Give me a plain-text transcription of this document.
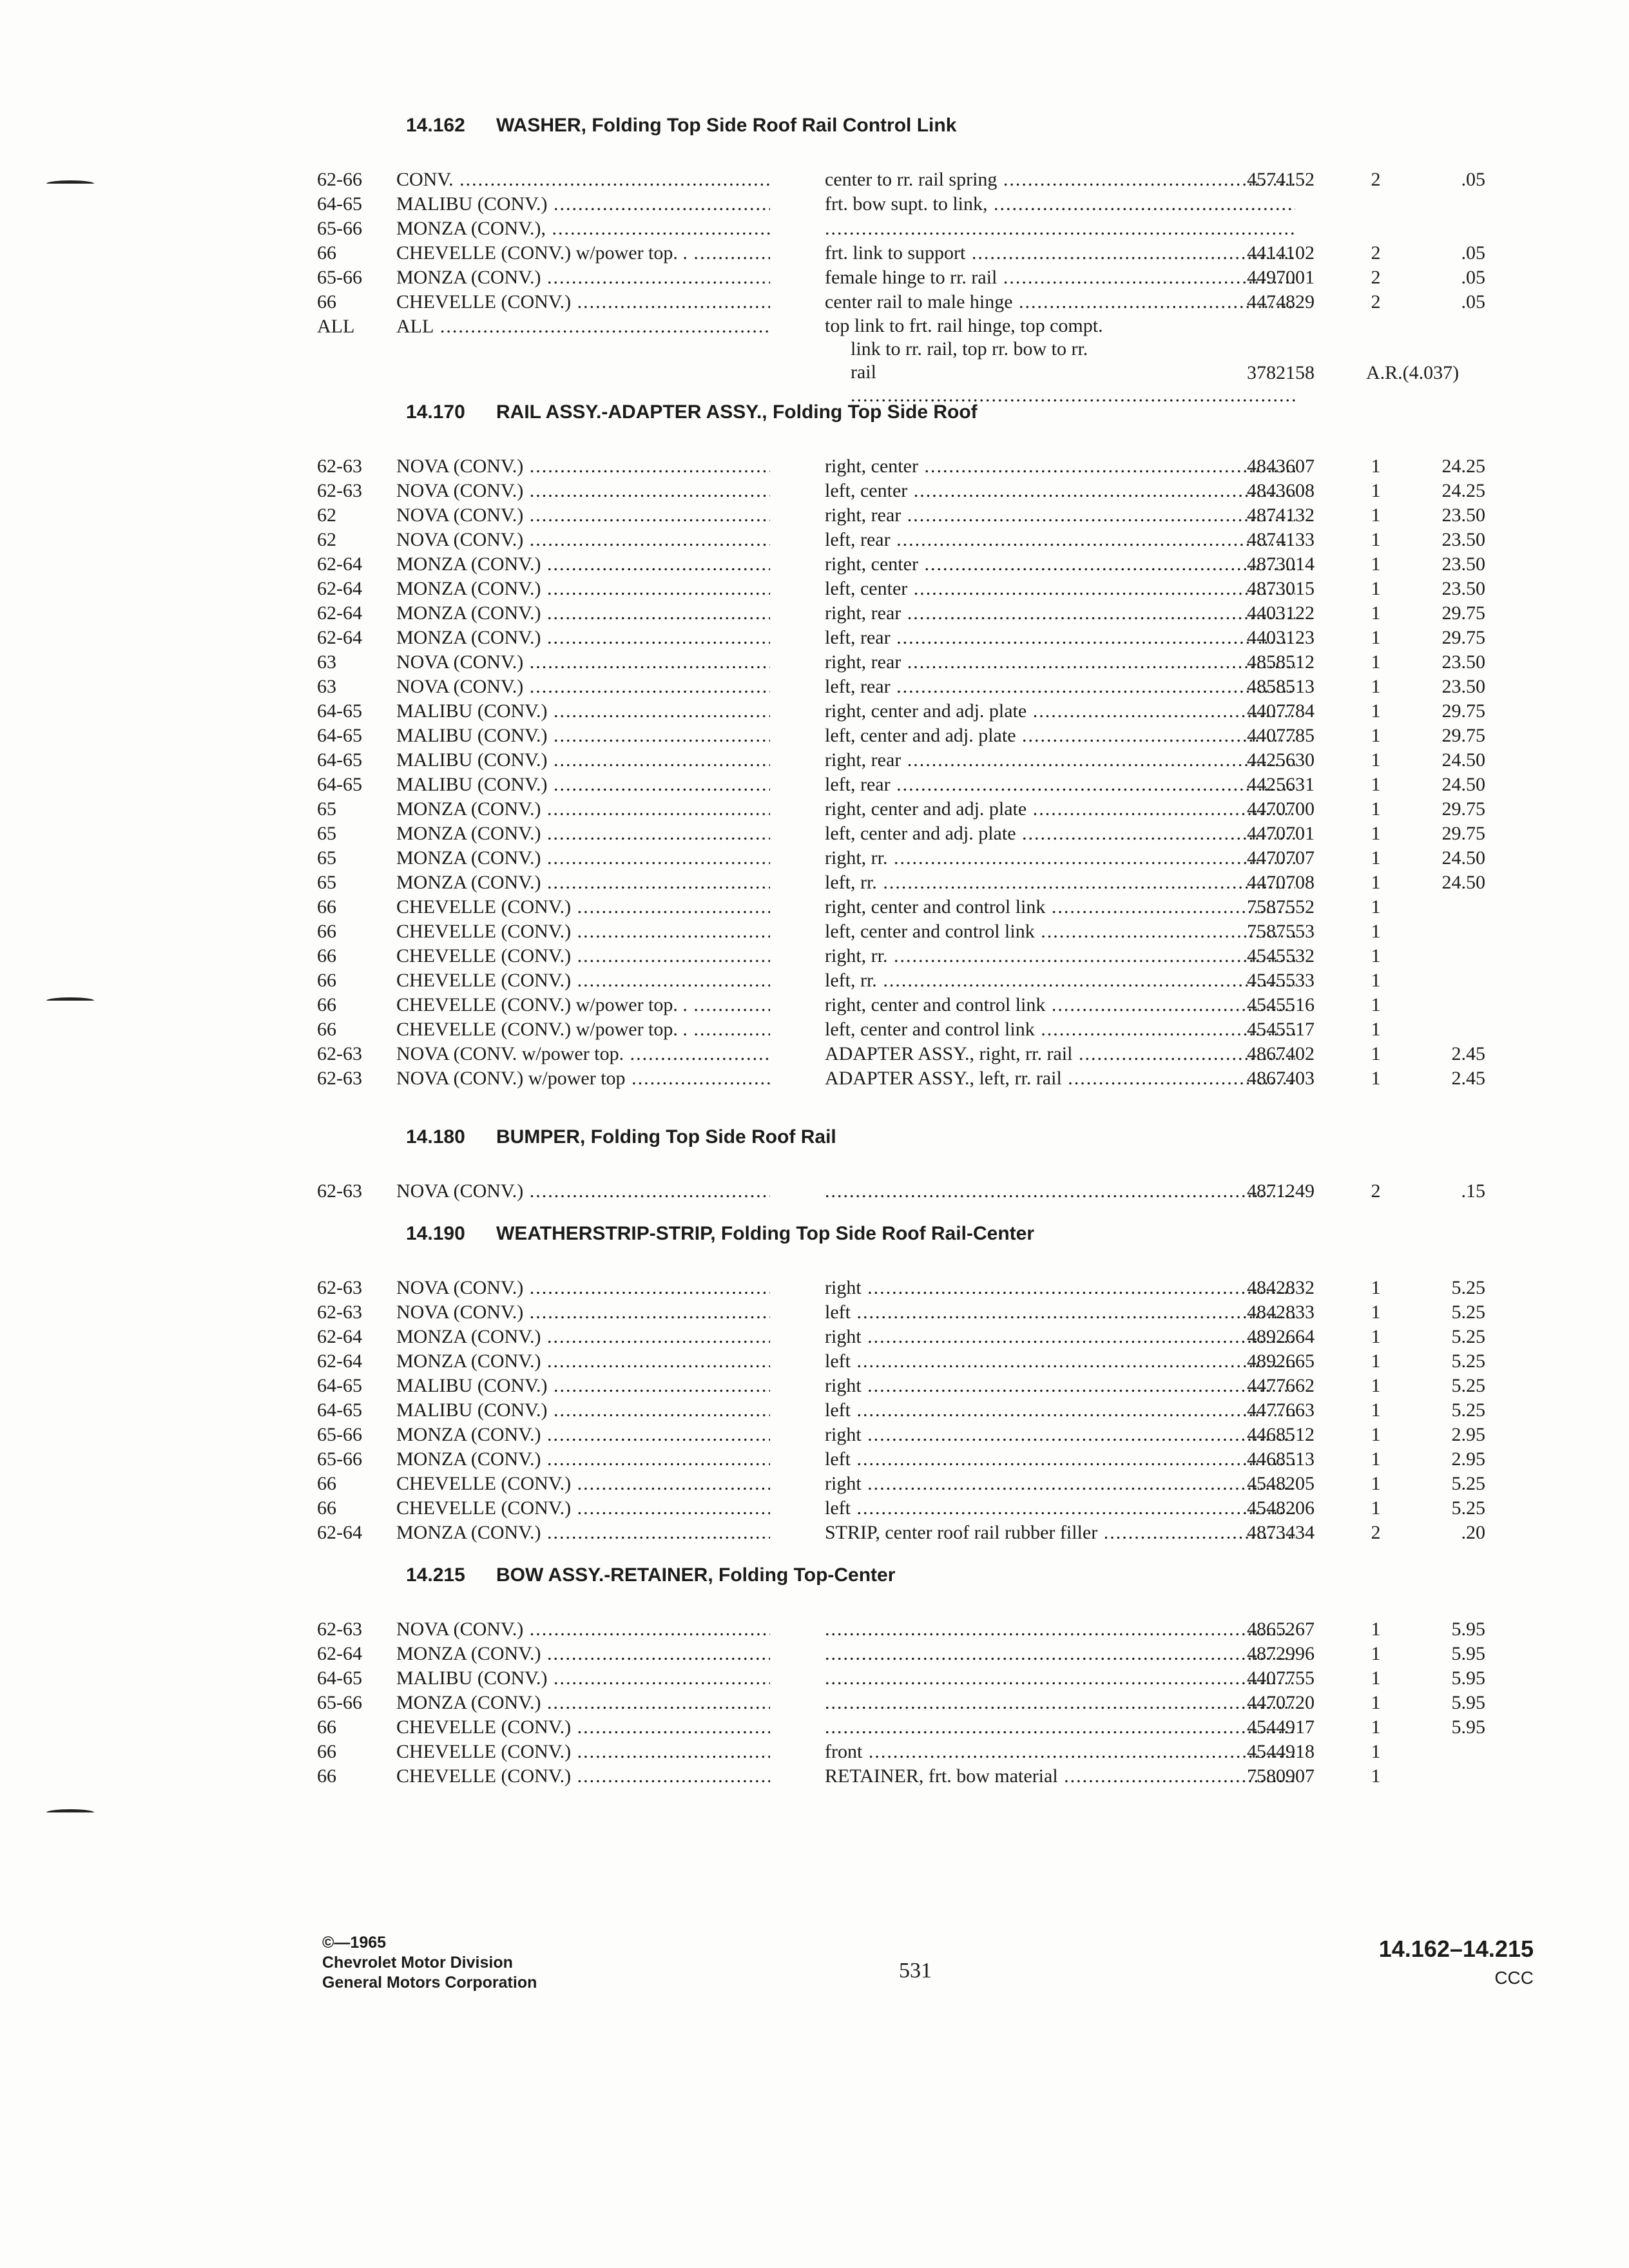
14.162 WASHER, Folding Top Side Roof Rail Control Link
62-66	CONV. .....	center to rr. rail spring .....	4574152	2	.05
64-65	MALIBU (CONV.) .....	frt. bow supt. to link, .....
65-66	MONZA (CONV.), .....
.....
66	CHEVELLE (CONV.) w/power top. . .....	frt. link to support .....	4414102	2	.05
65-66	MONZA (CONV.) .....	female hinge to rr. rail .....	4497001	2	.05
66	CHEVELLE (CONV.) .....	center rail to male hinge .....	4474829	2	.05
ALL	ALL .....	top link to frt. rail hinge, top compt.
link to rr. rail, top rr. bow to rr.
rail .....	3782158	A.R.(4.037)
14.170 RAIL ASSY.-ADAPTER ASSY., Folding Top Side Roof
62-63	NOVA (CONV.) .....	right, center .....	4843607	1	24.25
62-63	NOVA (CONV.) .....	left, center .....	4843608	1	24.25
62	NOVA (CONV.) .....	right, rear .....	4874132	1	23.50
62	NOVA (CONV.) .....	left, rear .....	4874133	1	23.50
62-64	MONZA (CONV.) .....	right, center .....	4873014	1	23.50
62-64	MONZA (CONV.) .....	left, center .....	4873015	1	23.50
62-64	MONZA (CONV.) .....	right, rear .....	4403122	1	29.75
62-64	MONZA (CONV.) .....	left, rear .....	4403123	1	29.75
63	NOVA (CONV.) .....	right, rear .....	4858512	1	23.50
63	NOVA (CONV.) .....	left, rear .....	4858513	1	23.50
64-65	MALIBU (CONV.) .....	right, center and adj. plate .....	4407784	1	29.75
64-65	MALIBU (CONV.) .....	left, center and adj. plate .....	4407785	1	29.75
64-65	MALIBU (CONV.) .....	right, rear .....	4425630	1	24.50
64-65	MALIBU (CONV.) .....	left, rear .....	4425631	1	24.50
65	MONZA (CONV.) .....	right, center and adj. plate .....	4470700	1	29.75
65	MONZA (CONV.) .....	left, center and adj. plate .....	4470701	1	29.75
65	MONZA (CONV.) .....	right, rr. .....	4470707	1	24.50
65	MONZA (CONV.) .....	left, rr. .....	4470708	1	24.50
66	CHEVELLE (CONV.) .....	right, center and control link .....	7587552	1
66	CHEVELLE (CONV.) .....	left, center and control link .....	7587553	1
66	CHEVELLE (CONV.) .....	right, rr. .....	4545532	1
66	CHEVELLE (CONV.) .....	left, rr. .....	4545533	1
66	CHEVELLE (CONV.) w/power top. . .....	right, center and control link .....	4545516	1
66	CHEVELLE (CONV.) w/power top. . .....	left, center and control link .....	4545517	1
62-63	NOVA (CONV. w/power top. .....	ADAPTER ASSY., right, rr. rail .....	4867402	1	2.45
62-63	NOVA (CONV.) w/power top .....	ADAPTER ASSY., left, rr. rail .....	4867403	1	2.45
14.180 BUMPER, Folding Top Side Roof Rail
62-63	NOVA (CONV.) ..... .....	4871249	2	.15
14.190 WEATHERSTRIP-STRIP, Folding Top Side Roof Rail-Center
62-63	NOVA (CONV.) .....	right .....	4842832	1	5.25
62-63	NOVA (CONV.) .....	left .....	4842833	1	5.25
62-64	MONZA (CONV.) .....	right .....	4892664	1	5.25
62-64	MONZA (CONV.) .....	left .....	4892665	1	5.25
64-65	MALIBU (CONV.) .....	right .....	4477662	1	5.25
64-65	MALIBU (CONV.) .....	left .....	4477663	1	5.25
65-66	MONZA (CONV.) .....	right .....	4468512	1	2.95
65-66	MONZA (CONV.) .....	left .....	4468513	1	2.95
66	CHEVELLE (CONV.) .....	right .....	4548205	1	5.25
66	CHEVELLE (CONV.) .....	left .....	4548206	1	5.25
62-64	MONZA (CONV.) .....	STRIP, center roof rail rubber filler .....	4873434	2	.20
14.215 BOW ASSY.-RETAINER, Folding Top-Center
62-63	NOVA (CONV.) ..... .....	4865267	1	5.95
62-64	MONZA (CONV.) ..... .....	4872996	1	5.95
64-65	MALIBU (CONV.) ..... .....	4407755	1	5.95
65-66	MONZA (CONV.) ..... .....	4470720	1	5.95
66	CHEVELLE (CONV.) ..... .....	4544917	1	5.95
66	CHEVELLE (CONV.) .....	front .....	4544918	1
66	CHEVELLE (CONV.) .....	RETAINER, frt. bow material .....	7580907	1
©—1965
Chevrolet Motor Division
General Motors Corporation	531
14.162–14.215
CCC
